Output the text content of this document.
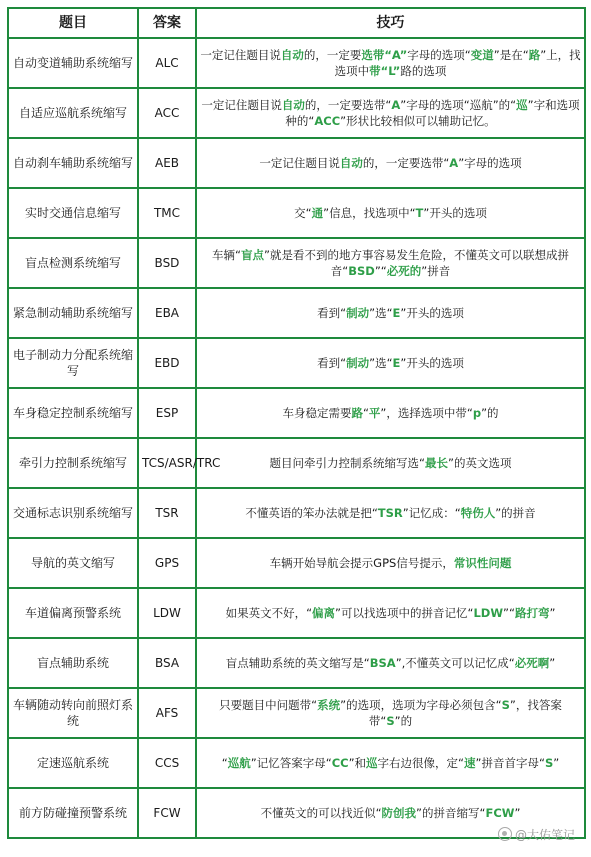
题目	答案	技巧
自动变道辅助系统缩写	ALC	一定记住题目说自动的，一定要选带“A”字母的选项“变道”是在“路”上，找选项中带“L”路的选项
自适应巡航系统缩写	ACC	一定记住题目说自动的，一定要选带“A”字母的选项“巡航”的“巡”字和选项种的“ACC”形状比较相似可以辅助记忆。
自动刹车辅助系统缩写	AEB	一定记住题目说自动的，一定要选带“A”字母的选项
实时交通信息缩写	TMC	交“通”信息，找选项中“T”开头的选项
盲点检测系统缩写	BSD	车辆“盲点”就是看不到的地方事容易发生危险，不懂英文可以联想成拼音“BSD”“必死的”拼音
紧急制动辅助系统缩写	EBA	看到“制动”选“E”开头的选项
电子制动力分配系统缩写	EBD	看到“制动”选“E”开头的选项
车身稳定控制系统缩写	ESP	车身稳定需要路“平”，选择选项中带“p”的
牵引力控制系统缩写	TCS/ASR/TRC	题目问牵引力控制系统缩写选“最长”的英文选项
交通标志识别系统缩写	TSR	不懂英语的笨办法就是把“TSR”记忆成：“特伤人”的拼音
导航的英文缩写	GPS	车辆开始导航会提示GPS信号提示，常识性问题
车道偏离预警系统	LDW	如果英文不好，“偏离”可以找选项中的拼音记忆“LDW”“路打弯”
盲点辅助系统	BSA	盲点辅助系统的英文缩写是“BSA”,不懂英文可以记忆成“必死啊”
车辆随动转向前照灯系统	AFS	只要题目中问题带“系统”的选项，选项为字母必须包含“S”，找答案带“S”的
定速巡航系统	CCS	“巡航”记忆答案字母“CC”和巡字右边很像，定“速”拼音首字母“S”
前方防碰撞预警系统	FCW	不懂英文的可以找近似“防创我”的拼音缩写“FCW”
@大佑笔记
